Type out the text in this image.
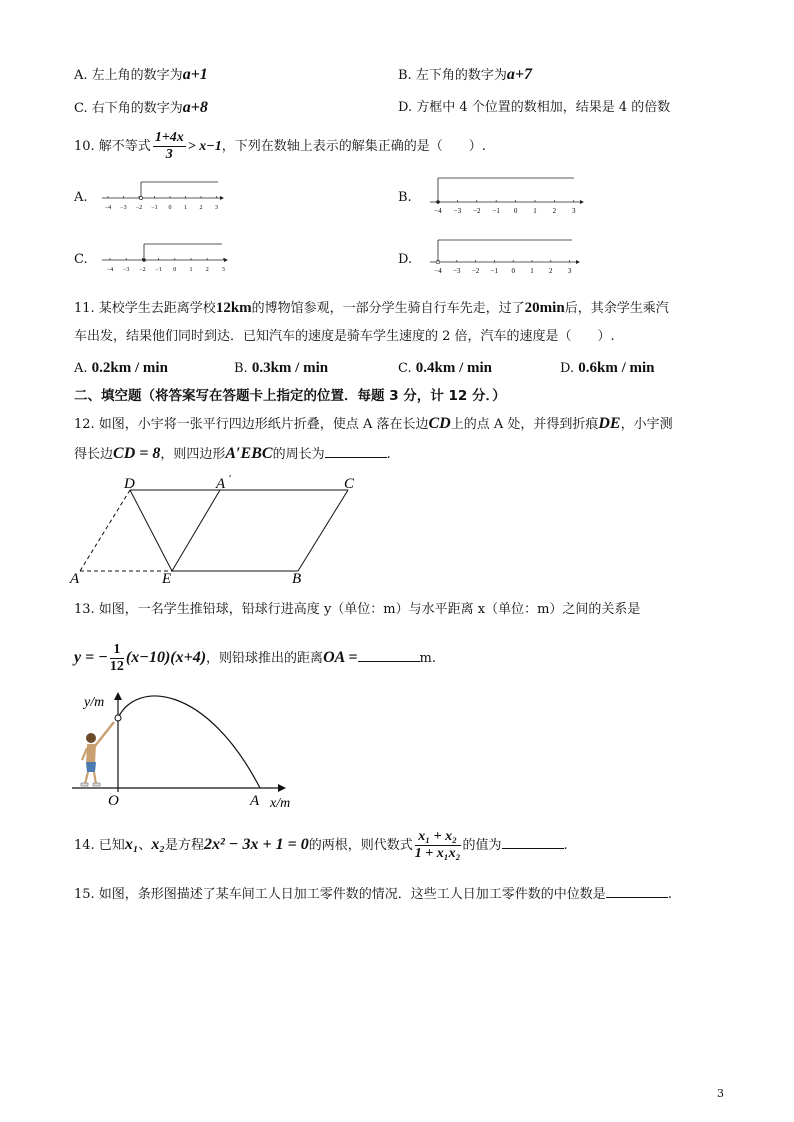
A. 左上角的数字为a+1	B. 左下角的数字为a+7
C. 右下角的数字为a+8	D. 方框中 4 个位置的数相加，结果是 4 的倍数
10. 解不等式 $\frac{1+4x}{3} > x-1$，下列在数轴上表示的解集正确的是（　　）.
A.	B.
C.	D.
−4 −3 −2 −1 0 1 2 3	−4 −3 −2 −1 0 1 2 3
−4 −3 −2 −1 0 1 2 3	−4 −3 −2 −1 0 1 2 3
11. 某校学生去距离学校12km的博物馆参观，一部分学生骑自行车先走，过了20min后，其余学生乘汽
车出发，结果他们同时到达．已知汽车的速度是骑车学生速度的 2 倍，汽车的速度是（　　）.
A. 0.2km / min	B. 0.3km / min	C. 0.4km / min	D. 0.6km / min
二、填空题（将答案写在答题卡上指定的位置．每题 3 分，计 12 分．）
12. 如图，小宇将一张平行四边形纸片折叠，使点 A 落在长边CD上的点 A 处，并得到折痕DE，小宇测
得长边CD = 8，则四边形A′EBC的周长为	.
D	A ′	C
A	E	B
13. 如图，一名学生推铅球，铅球行进高度 y（单位：m）与水平距离 x（单位：m）之间的关系是
y = − $\frac{1}{12} (x-10)(x+4)$，则铅球推出的距离OA =	m.
y/m
O	A x/m
14. 已知x₁、x₂是方程2x² − 3x + 1 = 0的两根，则代数式 $\frac{\text{x₁ + x₂}}{\text{1 + x₁x₂}}$ 的值为	.
15. 如图，条形图描述了某车间工人日加工零件数的情况．这些工人日加工零件数的中位数是	.
3
